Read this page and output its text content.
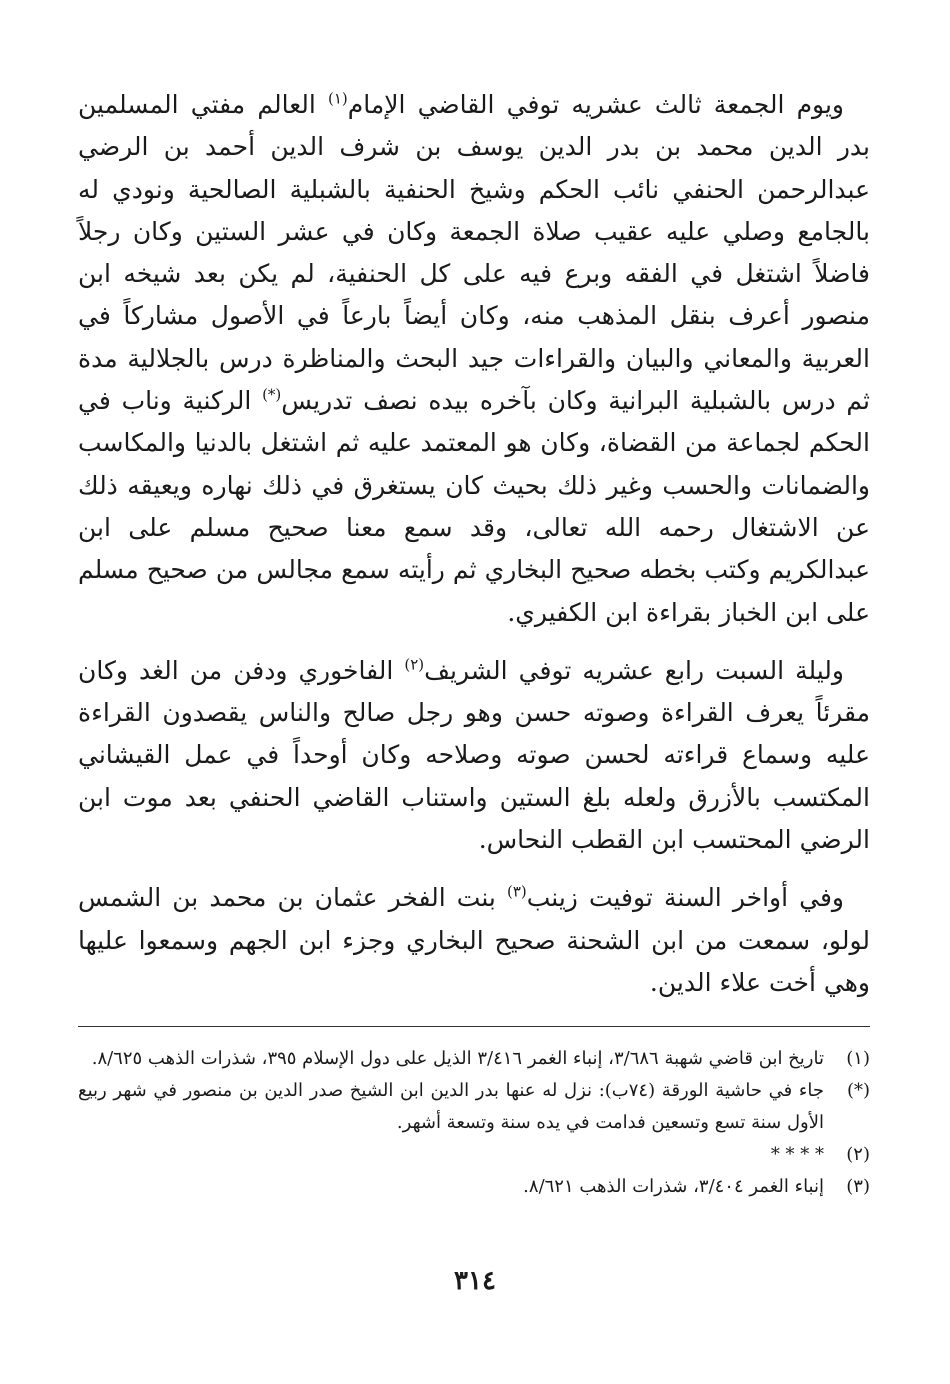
ويوم الجمعة ثالث عشريه توفي القاضي الإمام$^{(١)}$ العالم مفتي المسلمين بدر الدين محمد بن بدر الدين يوسف بن شرف الدين أحمد بن الرضي عبدالرحمن الحنفي نائب الحكم وشيخ الحنفية بالشبلية الصالحية ونودي له بالجامع وصلي عليه عقيب صلاة الجمعة وكان في عشر الستين وكان رجلاً فاضلاً اشتغل في الفقه وبرع فيه على كل الحنفية، لم يكن بعد شيخه ابن منصور أعرف بنقل المذهب منه، وكان أيضاً بارعاً في الأصول مشاركاً في العربية والمعاني والبيان والقراءات جيد البحث والمناظرة درس بالجلالية مدة ثم درس بالشبلية البرانية وكان بآخره بيده نصف تدريس(*) الركنية وناب في الحكم لجماعة من القضاة، وكان هو المعتمد عليه ثم اشتغل بالدنيا والمكاسب والضمانات والحسب وغير ذلك بحيث كان يستغرق في ذلك نهاره ويعيقه ذلك عن الاشتغال رحمه الله تعالى، وقد سمع معنا صحيح مسلم على ابن عبدالكريم وكتب بخطه صحيح البخاري ثم رأيته سمع مجالس من صحيح مسلم على ابن الخباز بقراءة ابن الكفيري.

وليلة السبت رابع عشريه توفي الشريف$^{(٢)}$ الفاخوري ودفن من الغد وكان مقرئاً يعرف القراءة وصوته حسن وهو رجل صالح والناس يقصدون القراءة عليه وسماع قراءته لحسن صوته وصلاحه وكان أوحداً في عمل القيشاني المكتسب بالأزرق ولعله بلغ الستين واستناب القاضي الحنفي بعد موت ابن الرضي المحتسب ابن القطب النحاس.

وفي أواخر السنة توفيت زينب$^{(٣)}$ بنت الفخر عثمان بن محمد بن الشمس لولو، سمعت من ابن الشحنة صحيح البخاري وجزء ابن الجهم وسمعوا عليها وهي أخت علاء الدين.

(١)
تاريخ ابن قاضي شهبة ٣/٦٨٦، إنباء الغمر ٣/٤١٦ الذيل على دول الإسلام ٣٩٥، شذرات الذهب ٨/٦٢٥.
(*)
جاء في حاشية الورقة (٧٤ب): نزل له عنها بدر الدين ابن الشيخ صدر الدين بن منصور في شهر ربيع الأول سنة تسع وتسعين فدامت في يده سنة وتسعة أشهر.
(٢)
* * * *
(٣)
إنباء الغمر ٣/٤٠٤، شذرات الذهب ٨/٦٢١.
٣١٤
